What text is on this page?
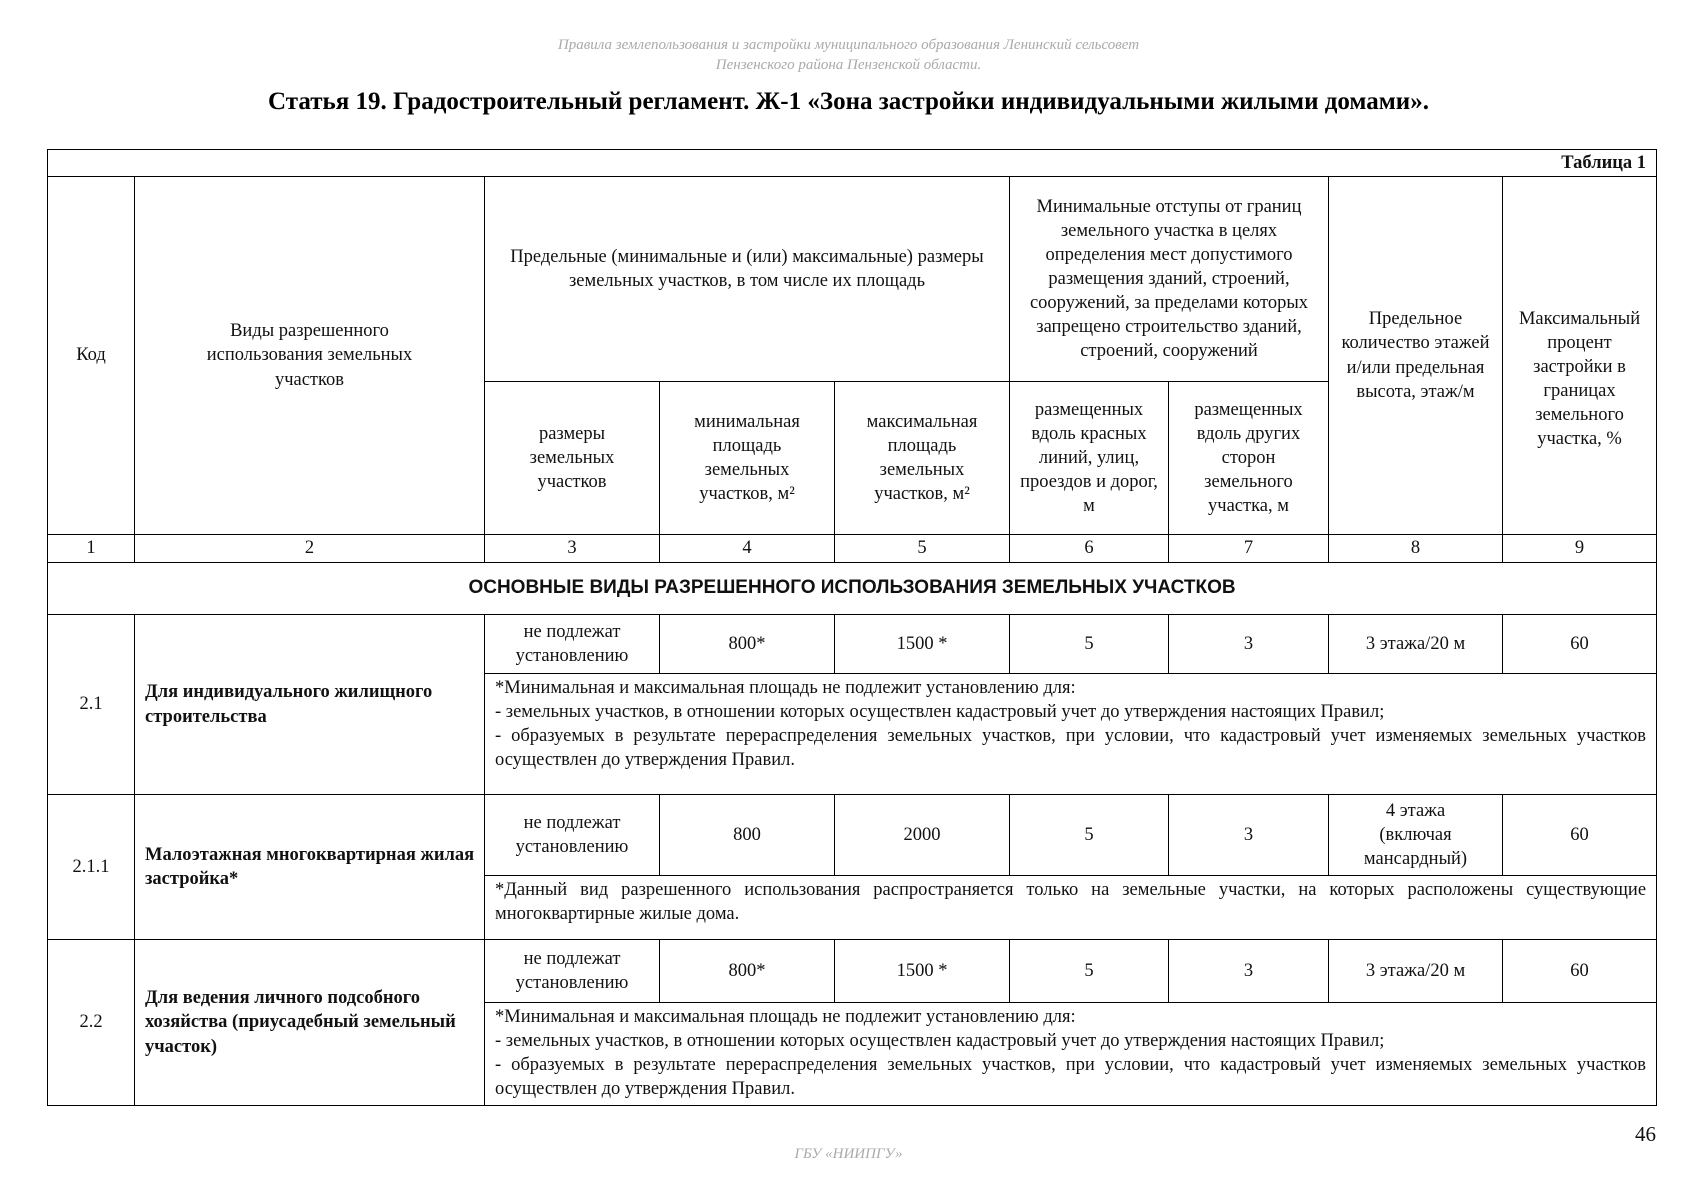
Правила землепользования и застройки муниципального образования Ленинский сельсовет
Пензенского района Пензенской области.
Статья 19. Градостроительный регламент. Ж-1 «Зона застройки индивидуальными жилыми домами».
Таблица 1								
Код	Виды разрешенного использования земельных участков	Предельные (минимальные и (или) максимальные) размеры земельных участков, в том числе их площадь			Минимальные отступы от границ земельного участка в целях определения мест допустимого размещения зданий, строений, сооружений, за пределами которых запрещено строительство зданий, строений, сооружений		Предельное количество этажей и/или предельная высота, этаж/м	Максимальный процент застройки в границах земельного участка, %

		размеры земельных участков	минимальная площадь земельных участков, м²	максимальная площадь земельных участков, м²	размещенных вдоль красных линий, улиц, проездов и дорог, м	размещенных вдоль других сторон земельного участка, м		

1	2	3	4	5	6	7	8	9
ОСНОВНЫЕ ВИДЫ РАЗРЕШЕННОГО ИСПОЛЬЗОВАНИЯ ЗЕМЕЛЬНЫХ УЧАСТКОВ								
2.1	Для индивидуального жилищного строительства	не подлежат установлению	800*	1500 *	5	3	3 этажа/20 м	60

		*Минимальная и максимальная площадь не подлежит установлению для:
- земельных участков, в отношении которых осуществлен кадастровый учет до утверждения настоящих Правил;
- образуемых в результате перераспределения земельных участков, при условии, что кадастровый учет изменяемых земельных участков осуществлен до утверждения Правил.						

2.1.1	Малоэтажная многоквартирная жилая застройка*	не подлежат установлению	800	2000	5	3	4 этажа (включая мансардный)	60

		*Данный вид разрешенного использования распространяется только на земельные участки, на которых расположены существующие многоквартирные жилые дома.						

2.2	Для ведения личного подсобного хозяйства (приусадебный земельный участок)	не подлежат установлению	800*	1500 *	5	3	3 этажа/20 м	60

		*Минимальная и максимальная площадь не подлежит установлению для:
- земельных участков, в отношении которых осуществлен кадастровый учет до утверждения настоящих Правил;
- образуемых в результате перераспределения земельных участков, при условии, что кадастровый учет изменяемых земельных участков осуществлен до утверждения Правил.						
46
ГБУ «НИИПГУ»
